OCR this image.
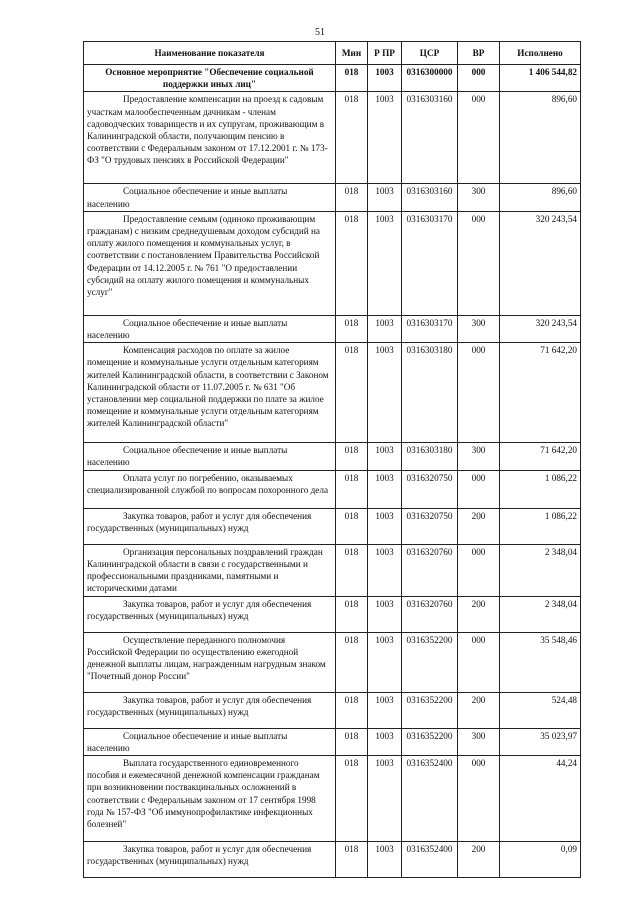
51
Наименование показателя	Мин	Р ПР	ЦСР	ВР	Исполнено

Основное мероприятие "Обеспечение социальной поддержки иных лиц"	018	1003	0316300000	000	1 406 544,82

Предоставление компенсации на проезд к садовым участкам малообеспеченным дачникам - членам садоводческих товариществ и их супругам, проживающим в Калининградской области, получающим пенсию в соответствии с Федеральным законом от 17.12.2001 г. № 173-ФЗ "О трудовых пенсиях в Российской Федерации"	018	1003	0316303160	000	896,60

Социальное обеспечение и иные выплаты населению	018	1003	0316303160	300	896,60

Предоставление семьям (одиноко проживающим гражданам) с низким среднедушевым доходом субсидий на оплату жилого помещения и коммунальных услуг, в соответствии с постановлением Правительства Российской Федерации от 14.12.2005 г. № 761 "О предоставлении субсидий на оплату жилого помещения и коммунальных услуг"	018	1003	0316303170	000	320 243,54

Социальное обеспечение и иные выплаты населению	018	1003	0316303170	300	320 243,54

Компенсация расходов по оплате за жилое помещение и коммунальные услуги отдельным категориям жителей Калининградской области, в соответствии с Законом Калининградской области от 11.07.2005 г. № 631 "Об установлении мер социальной поддержки по плате за жилое помещение и коммунальные услуги отдельным категориям жителей Калининградской области"	018	1003	0316303180	000	71 642,20

Социальное обеспечение и иные выплаты населению	018	1003	0316303180	300	71 642,20

Оплата услуг по погребению, оказываемых специализированной службой по вопросам похоронного дела	018	1003	0316320750	000	1 086,22

Закупка товаров, работ и услуг для обеспечения государственных (муниципальных) нужд	018	1003	0316320750	200	1 086,22

Организация персональных поздравлений граждан Калининградской области в связи с государственными и профессиональными праздниками, памятными и историческими датами	018	1003	0316320760	000	2 348,04

Закупка товаров, работ и услуг для обеспечения государственных (муниципальных) нужд	018	1003	0316320760	200	2 348,04

Осуществление переданного полномочия Российской Федерации по осуществлению ежегодной денежной выплаты лицам, награжденным нагрудным знаком "Почетный донор России"	018	1003	0316352200	000	35 548,46

Закупка товаров, работ и услуг для обеспечения государственных (муниципальных) нужд	018	1003	0316352200	200	524,48

Социальное обеспечение и иные выплаты населению	018	1003	0316352200	300	35 023,97

Выплата государственного единовременного пособия и ежемесячной денежной компенсации гражданам при возникновении поствакцинальных осложнений в соответствии с Федеральным законом от 17 сентября 1998 года № 157-ФЗ "Об иммунопрофилактике инфекционных болезней"	018	1003	0316352400	000	44,24

Закупка товаров, работ и услуг для обеспечения государственных (муниципальных) нужд	018	1003	0316352400	200	0,09
